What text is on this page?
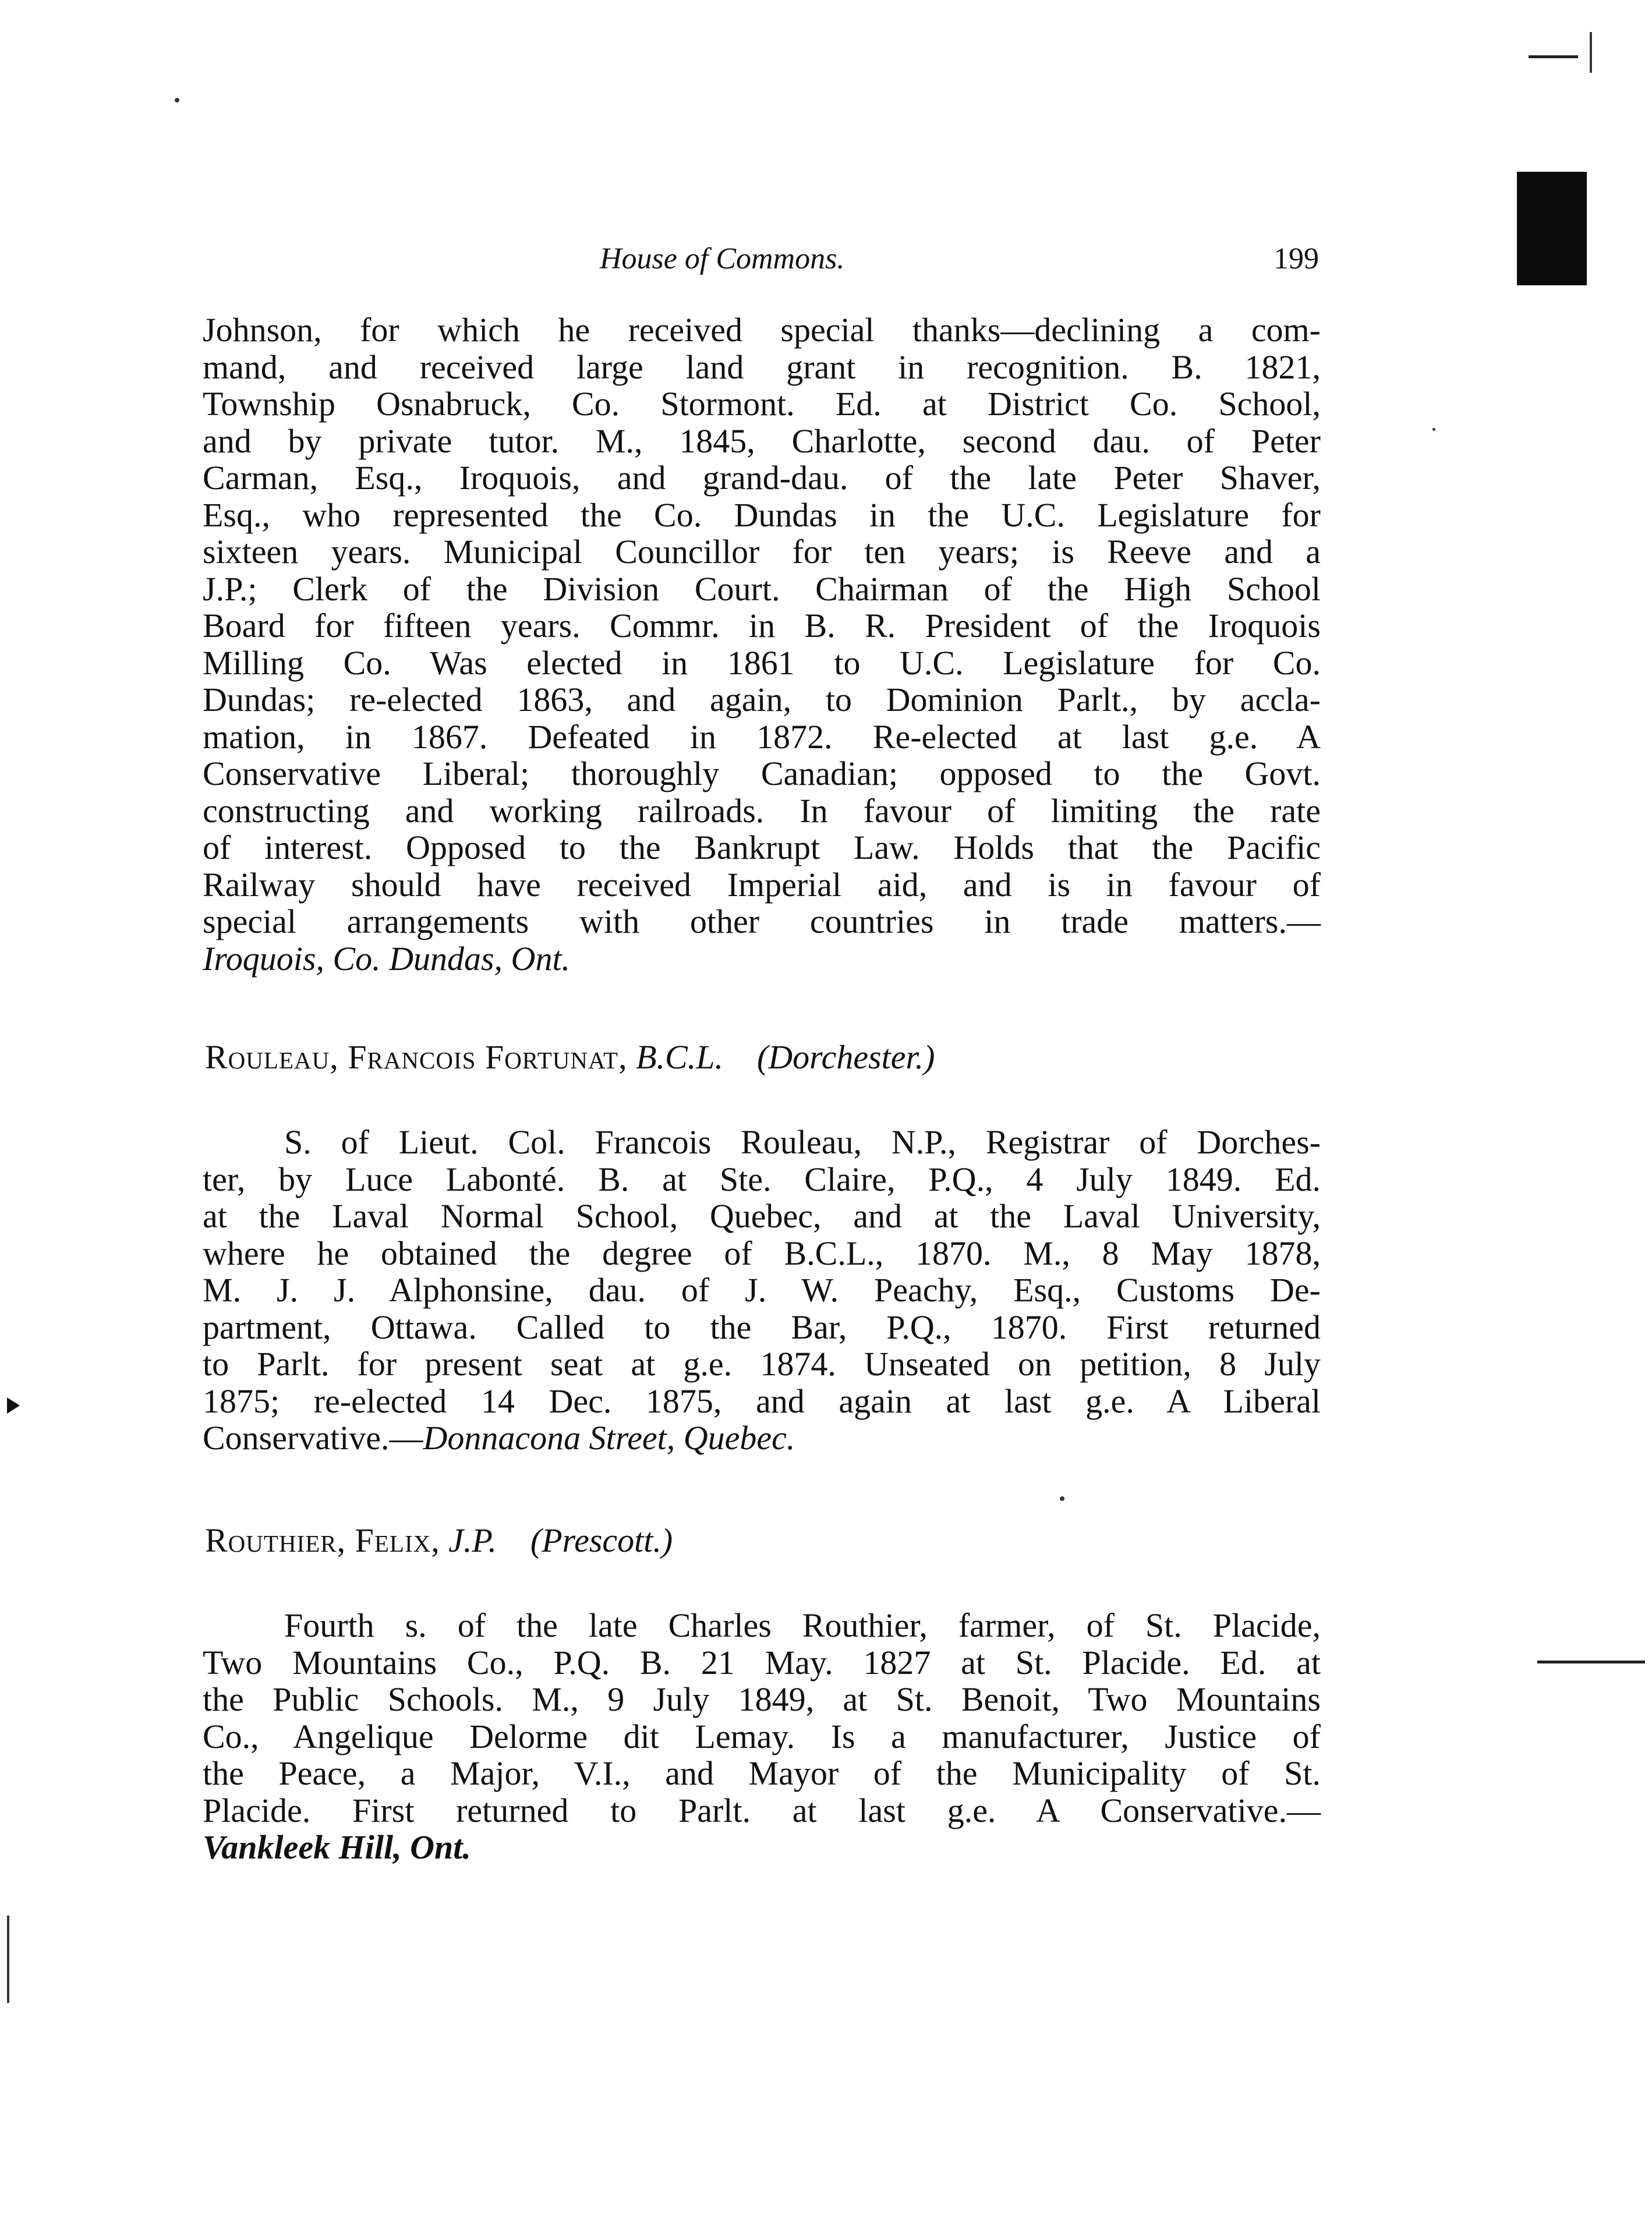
House of Commons.	199
Johnson, for which he received special thanks—declining a com-
mand, and received large land grant in recognition. B. 1821,
Township Osnabruck, Co. Stormont. Ed. at District Co. School,
and by private tutor. M., 1845, Charlotte, second dau. of Peter
Carman, Esq., Iroquois, and grand-dau. of the late Peter Shaver,
Esq., who represented the Co. Dundas in the U.C. Legislature for
sixteen years. Municipal Councillor for ten years; is Reeve and a
J.P.; Clerk of the Division Court. Chairman of the High School
Board for fifteen years. Commr. in B. R. President of the Iroquois
Milling Co. Was elected in 1861 to U.C. Legislature for Co.
Dundas; re-elected 1863, and again, to Dominion Parlt., by accla-
mation, in 1867. Defeated in 1872. Re-elected at last g.e. A
Conservative Liberal; thoroughly Canadian; opposed to the Govt.
constructing and working railroads. In favour of limiting the rate
of interest. Opposed to the Bankrupt Law. Holds that the Pacific
Railway should have received Imperial aid, and is in favour of
special arrangements with other countries in trade matters.—
Iroquois, Co. Dundas, Ont.
Rouleau, Francois Fortunat, B.C.L. (Dorchester.)
S. of Lieut. Col. Francois Rouleau, N.P., Registrar of Dorches-
ter, by Luce Labonté. B. at Ste. Claire, P.Q., 4 July 1849. Ed.
at the Laval Normal School, Quebec, and at the Laval University,
where he obtained the degree of B.C.L., 1870. M., 8 May 1878,
M. J. J. Alphonsine, dau. of J. W. Peachy, Esq., Customs De-
partment, Ottawa. Called to the Bar, P.Q., 1870. First returned
to Parlt. for present seat at g.e. 1874. Unseated on petition, 8 July
1875; re-elected 14 Dec. 1875, and again at last g.e. A Liberal
Conservative.—Donnacona Street, Quebec.
Routhier, Felix, J.P. (Prescott.)
Fourth s. of the late Charles Routhier, farmer, of St. Placide,
Two Mountains Co., P.Q. B. 21 May. 1827 at St. Placide. Ed. at
the Public Schools. M., 9 July 1849, at St. Benoit, Two Mountains
Co., Angelique Delorme dit Lemay. Is a manufacturer, Justice of
the Peace, a Major, V.I., and Mayor of the Municipality of St.
Placide. First returned to Parlt. at last g.e. A Conservative.—
Vankleek Hill, Ont.
